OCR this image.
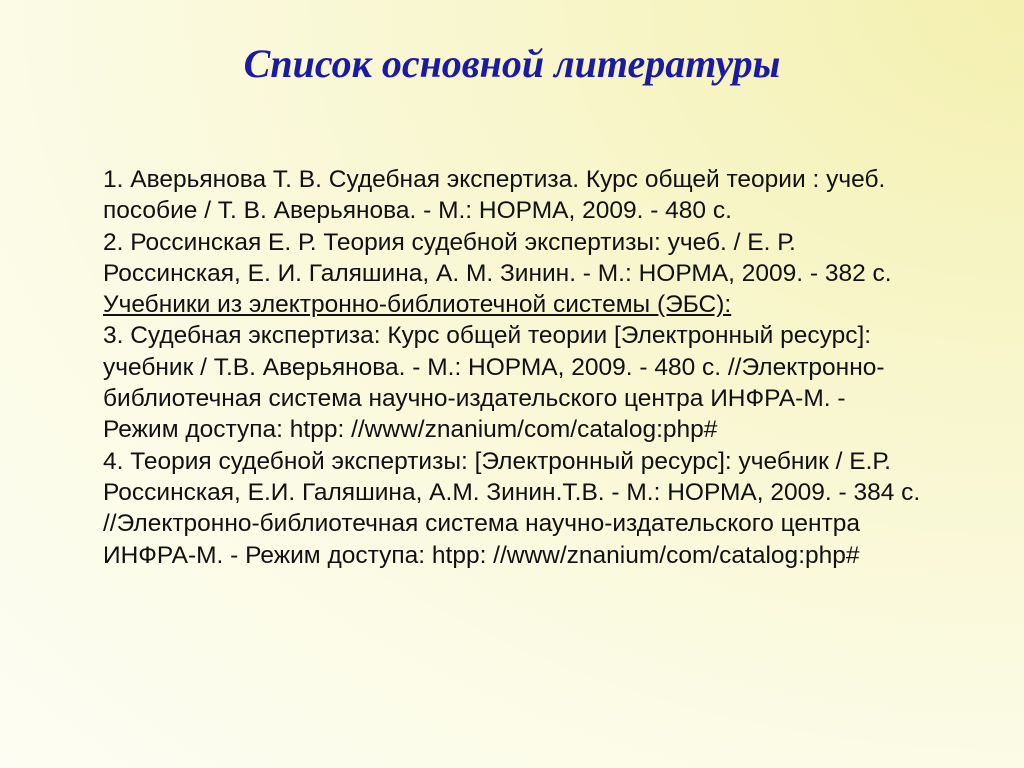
Список основной литературы
1. Аверьянова Т. В. Судебная экспертиза. Курс общей теории : учеб.
пособие / Т. В. Аверьянова. - М.: НОРМА, 2009. - 480 с.
2. Россинская Е. Р. Теория судебной экспертизы: учеб. / Е. Р.
Россинская, Е. И. Галяшина, А. М. Зинин. - М.: НОРМА, 2009. - 382 с.
Учебники из электронно-библиотечной системы (ЭБС):
3. Судебная экспертиза: Курс общей теории [Электронный ресурс]:
учебник / Т.В. Аверьянова. - М.: НОРМА, 2009. - 480 с. //Электронно-
библиотечная система научно-издательского центра ИНФРА-М. -
Режим доступа: htpp: //www/znanium/com/catalog:php#
4. Теория судебной экспертизы: [Электронный ресурс]: учебник / Е.Р.
Россинская, Е.И. Галяшина, А.М. Зинин.Т.В. - М.: НОРМА, 2009. - 384 с.
//Электронно-библиотечная система научно-издательского центра
ИНФРА-М. - Режим доступа: htpp: //www/znanium/com/catalog:php#
